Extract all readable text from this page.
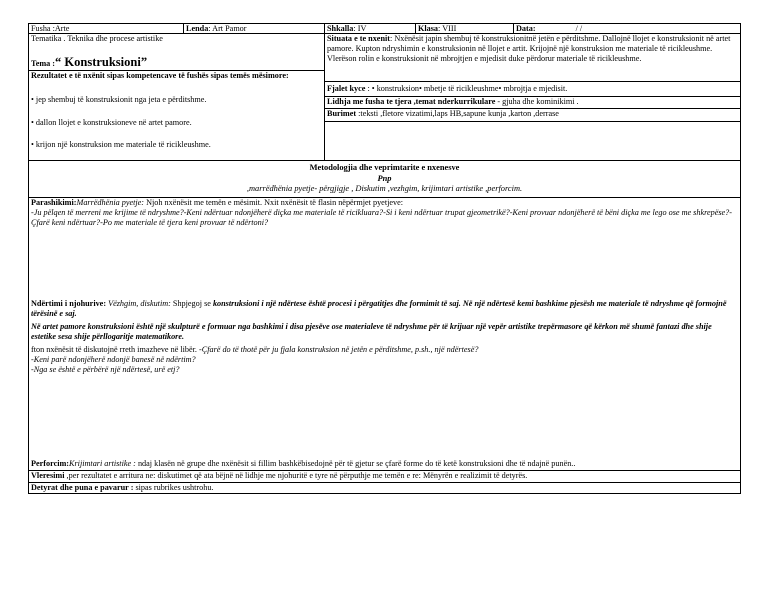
Fusha :Arte	Lenda: Art Pamor	Shkalla: IV	Klasa: VIII	Data:	/ /
Tematika . Teknika dhe procese artistike
Tema :“ Konstruksioni”
Situata e te nxenit: Nxënësit japin shembuj të konstruksionitnë jetën e përditshme. Dallojnë llojet e konstruksionit në artet pamore. Kupton ndryshimin e konstruksionin në llojet e artit. Krijojnë një konstruksion me materiale të ricikleushme. Vlerëson rolin e konstruksionit në mbrojtjen e mjedisit duke përdorur materiale të ricikleushme.
Rezultatet e të nxënit sipas kompetencave të fushës sipas temës mësimore:
• jep shembuj të konstruksionit nga jeta e përditshme.
• dallon llojet e konstruksioneve në artet pamore.
• krijon një konstruksion me materiale të ricikleushme.
Fjalet kyce : • konstruksion• mbetje të ricikleushme• mbrojtja e mjedisit.
Lidhja me fusha te tjera ,temat nderkurrikulare - gjuha dhe kominikimi .
Burimet :teksti ,fletore vizatimi,laps HB,sapune kunja ,karton ,derrase
Metodologjia dhe veprimtarite e nxenesve
Pnp
,marrëdhënia pyetje- përgjigje , Diskutim ,vezhgim, krijimtari artistike ,perforcim.
Parashikimi:Marrëdhënia pyetje: Njoh nxënësit me temën e mësimit. Nxit nxënësit të flasin nëpërmjet pyetjeve:
-Ju pëlqen të merreni me krijime të ndryshme?-Keni ndërtuar ndonjëherë diçka me materiale të ricikluara?-Si i keni ndërtuar trupat gjeometrikë?-Keni provuar ndonjëherë të bëni diçka me lego ose me shkrepëse?-Çfarë keni ndërtuar?-Po me materiale të tjera keni provuar të ndërtoni?
Ndërtimi i njohurive: Vëzhgim, diskutim: Shpjegoj se konstruksioni i një ndërtese është procesi i përgatitjes dhe formimit të saj. Në një ndërtesë kemi bashkime pjesësh me materiale të ndryshme që formojnë tërësinë e saj.
Në artet pamore konstruksioni është një skulpturë e formuar nga bashkimi i disa pjesëve ose materialeve të ndryshme për të krijuar një vepër artistike trepërmasore që kërkon më shumë fantazi dhe shije estetike sesa shije përllogaritje matematikore.
fton nxënësit të diskutojnë rreth imazheve në libër. -Çfarë do të thotë për ju fjala konstruksion në jetën e përditshme, p.sh., një ndërtesë?
-Keni parë ndonjëherë ndonjë banesë në ndërtim?
-Nga se është e përbërë një ndërtesë, urë etj?
Perforcim:Krijimtari artistike : ndaj klasën në grupe dhe nxënësit si fillim bashkëbisedojnë për të gjetur se çfarë forme do të ketë konstruksioni dhe të ndajnë punën..
Vleresimi ,per rezultatet e arritura ne: diskutimet që ata bëjnë në lidhje me njohuritë e tyre në përputhje me temën e re: Mënyrën e realizimit të detyrës.
Detyrat dhe puna e pavarur : sipas rubrikes ushtrohu.
